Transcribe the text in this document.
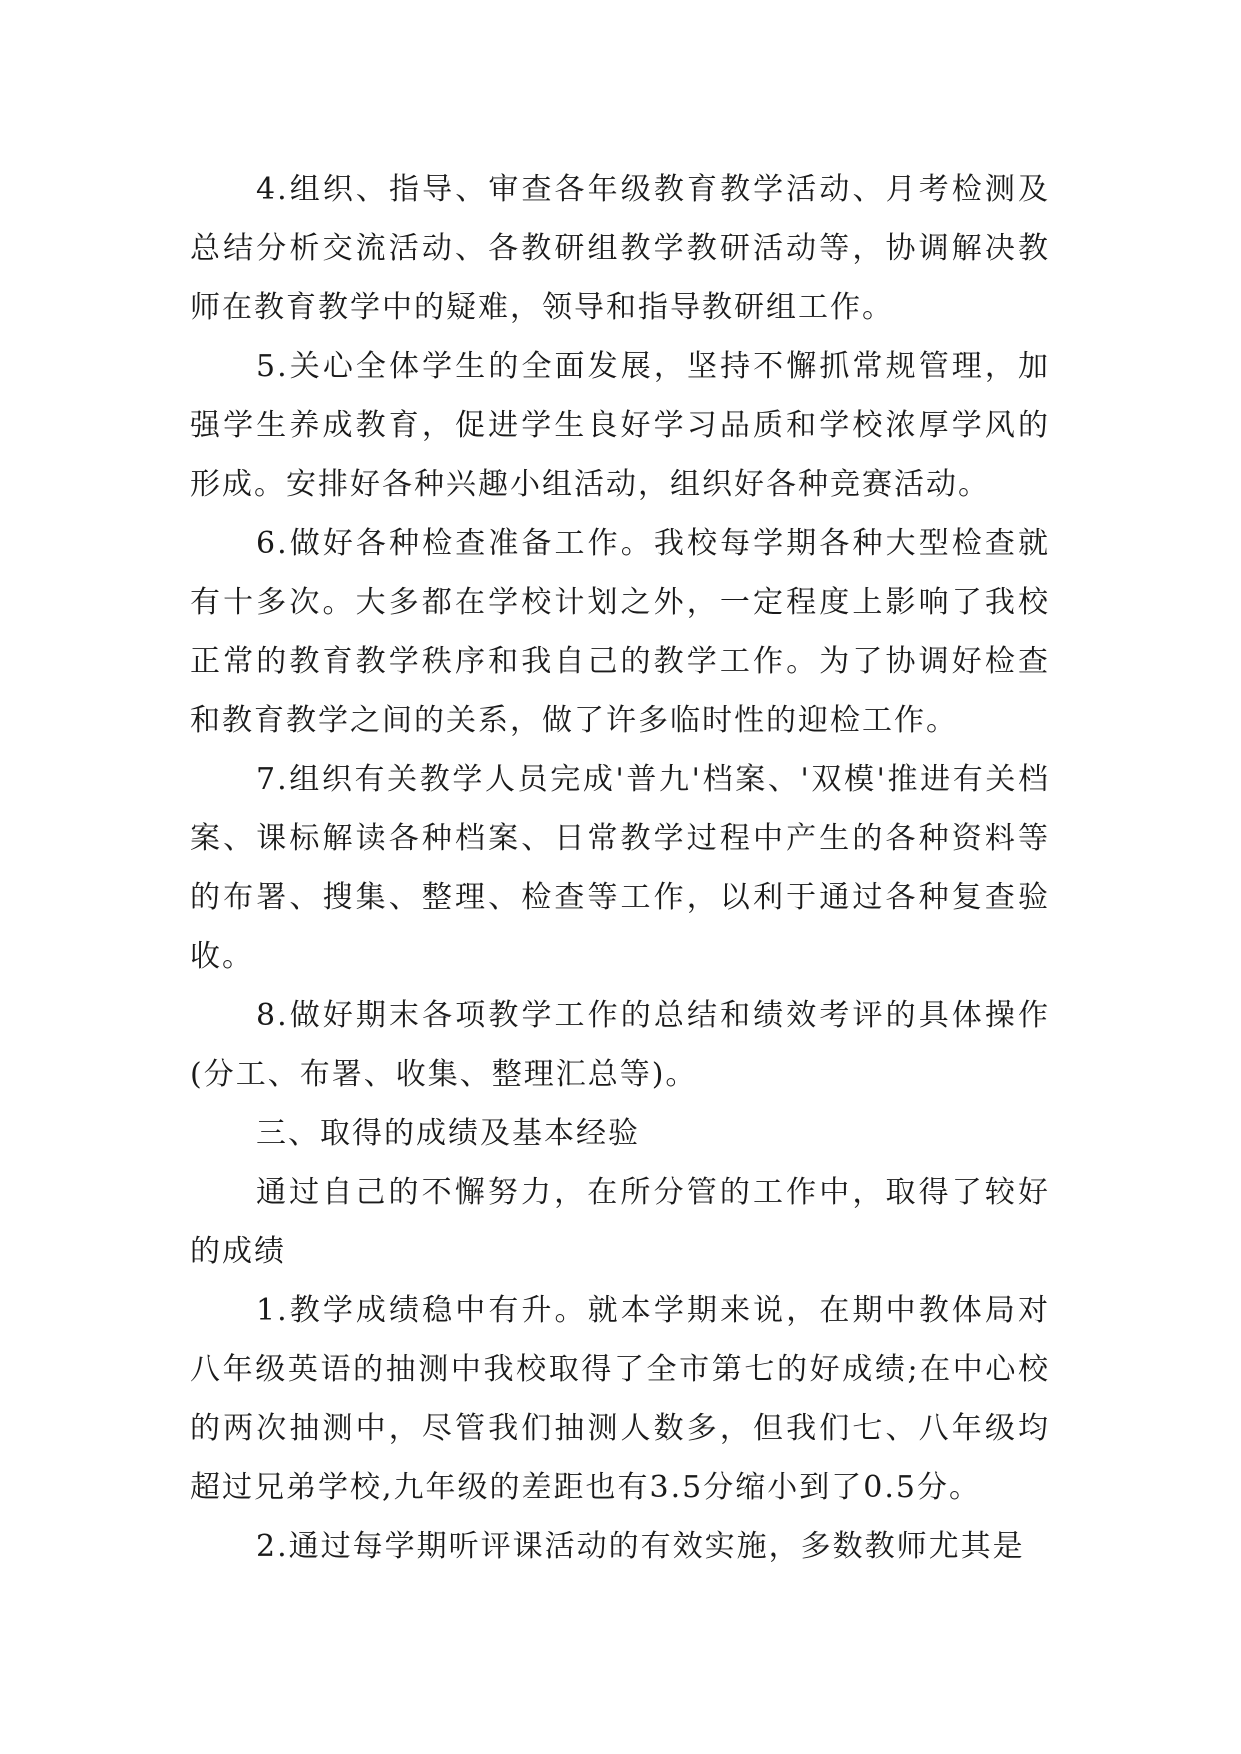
4.组织、指导、审查各年级教育教学活动、月考检测及总结分析交流活动、各教研组教学教研活动等，协调解决教师在教育教学中的疑难，领导和指导教研组工作。

5.关心全体学生的全面发展，坚持不懈抓常规管理，加强学生养成教育，促进学生良好学习品质和学校浓厚学风的形成。安排好各种兴趣小组活动，组织好各种竞赛活动。

6.做好各种检查准备工作。我校每学期各种大型检查就有十多次。大多都在学校计划之外，一定程度上影响了我校正常的教育教学秩序和我自己的教学工作。为了协调好检查和教育教学之间的关系，做了许多临时性的迎检工作。

7.组织有关教学人员完成'普九'档案、'双模'推进有关档案、课标解读各种档案、日常教学过程中产生的各种资料等的布署、搜集、整理、检查等工作，以利于通过各种复查验收。

8.做好期末各项教学工作的总结和绩效考评的具体操作(分工、布署、收集、整理汇总等)。

三、取得的成绩及基本经验

通过自己的不懈努力，在所分管的工作中，取得了较好的成绩

1.教学成绩稳中有升。就本学期来说，在期中教体局对八年级英语的抽测中我校取得了全市第七的好成绩;在中心校的两次抽测中，尽管我们抽测人数多，但我们七、八年级均超过兄弟学校,九年级的差距也有3.5分缩小到了0.5分。

2.通过每学期听评课活动的有效实施，多数教师尤其是
